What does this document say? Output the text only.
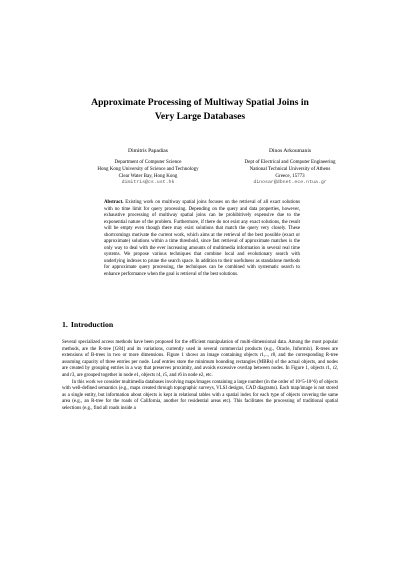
Approximate Processing of Multiway Spatial Joins in
Very Large Databases
Dimitris Papadias
Department of Computer Science
Hong Kong University of Science and Technology
Clear Water Bay, Hong Kong
dimitris@cs.ust.hk
Dinos Arkoumanis
Dept of Electrical and Computer Engineering
National Technical University of Athens
Greece, 15773
dinosar@dbnet.ece.ntua.gr
Abstract. Existing work on multiway spatial joins focuses on the retrieval of all exact solutions with no time limit for query processing. Depending on the query and data properties, however, exhaustive processing of multiway spatial joins can be prohibitively expensive due to the exponential nature of the problem. Furthermore, if there do not exist any exact solutions, the result will be empty even though there may exist solutions that match the query very closely. These shortcomings motivate the current work, which aims at the retrieval of the best possible (exact or approximate) solutions within a time threshold, since fast retrieval of approximate matches is the only way to deal with the ever increasing amounts of multimedia information in several real time systems. We propose various techniques that combine local and evolutionary search with underlying indexes to prune the search space. In addition to their usefulness as standalone methods for approximate query processing, the techniques can be combined with systematic search to enhance performance when the goal is retrieval of the best solutions.
1. Introduction

Several specialized access methods have been proposed for the efficient manipulation of multi-dimensional data. Among the most popular methods, are the R-tree [G84] and its variations, currently used in several commercial products (e.g., Oracle, Informix). R-trees are extensions of B-trees in two or more dimensions. Figure 1 shows an image containing objects r1,.., r8, and the corresponding R-tree assuming capacity of three entries per node. Leaf entries store the minimum bounding rectangles (MBRs) of the actual objects, and nodes are created by grouping entries in a way that preserves proximity, and avoids excessive overlap between nodes. In Figure 1, objects r1, r2, and r3, are grouped together in node e1, objects r4, r5, and r6 in node e2, etc.

In this work we consider multimedia databases involving maps/images containing a large number (in the order of 10^5-10^6) of objects with well-defined semantics (e.g., maps created through topographic surveys, VLSI designs, CAD diagrams). Each map/image is not stored as a single entity, but information about objects is kept in relational tables with a spatial index for each type of objects covering the same area (e.g., an R-tree for the roads of California, another for residential areas etc). This facilitates the processing of traditional spatial selections (e.g., find all roads inside a
